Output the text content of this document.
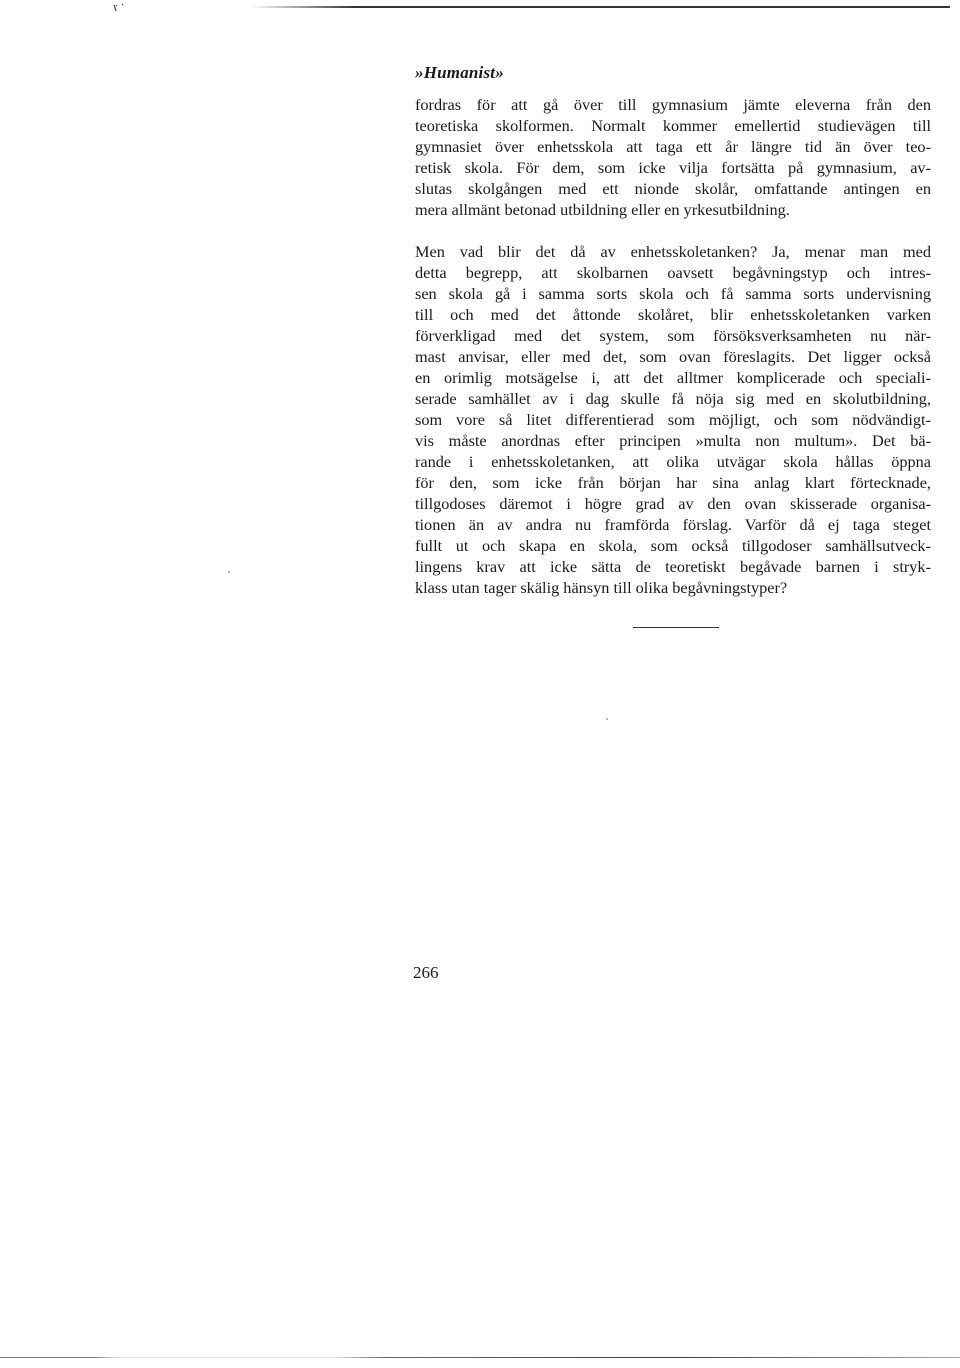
»Humanist»

fordras för att gå över till gymnasium jämte eleverna från den
teoretiska skolformen. Normalt kommer emellertid studievägen till
gymnasiet över enhetsskola att taga ett år längre tid än över teo-
retisk skola. För dem, som icke vilja fortsätta på gymnasium, av-
slutas skolgången med ett nionde skolår, omfattande antingen en
mera allmänt betonad utbildning eller en yrkesutbildning.
Men vad blir det då av enhetsskoletanken? Ja, menar man med
detta begrepp, att skolbarnen oavsett begåvningstyp och intres-
sen skola gå i samma sorts skola och få samma sorts undervisning
till och med det åttonde skolåret, blir enhetsskoletanken varken
förverkligad med det system, som försöksverksamheten nu när-
mast anvisar, eller med det, som ovan föreslagits. Det ligger också
en orimlig motsägelse i, att det alltmer komplicerade och speciali-
serade samhället av i dag skulle få nöja sig med en skolutbildning,
som vore så litet differentierad som möjligt, och som nödvändigt-
vis måste anordnas efter principen »multa non multum». Det bä-
rande i enhetsskoletanken, att olika utvägar skola hållas öppna
för den, som icke från början har sina anlag klart förtecknade,
tillgodoses däremot i högre grad av den ovan skisserade organisa-
tionen än av andra nu framförda förslag. Varför då ej taga steget
fullt ut och skapa en skola, som också tillgodoser samhällsutveck-
lingens krav att icke sätta de teoretiskt begåvade barnen i stryk-
klass utan tager skälig hänsyn till olika begåvningstyper?

266
